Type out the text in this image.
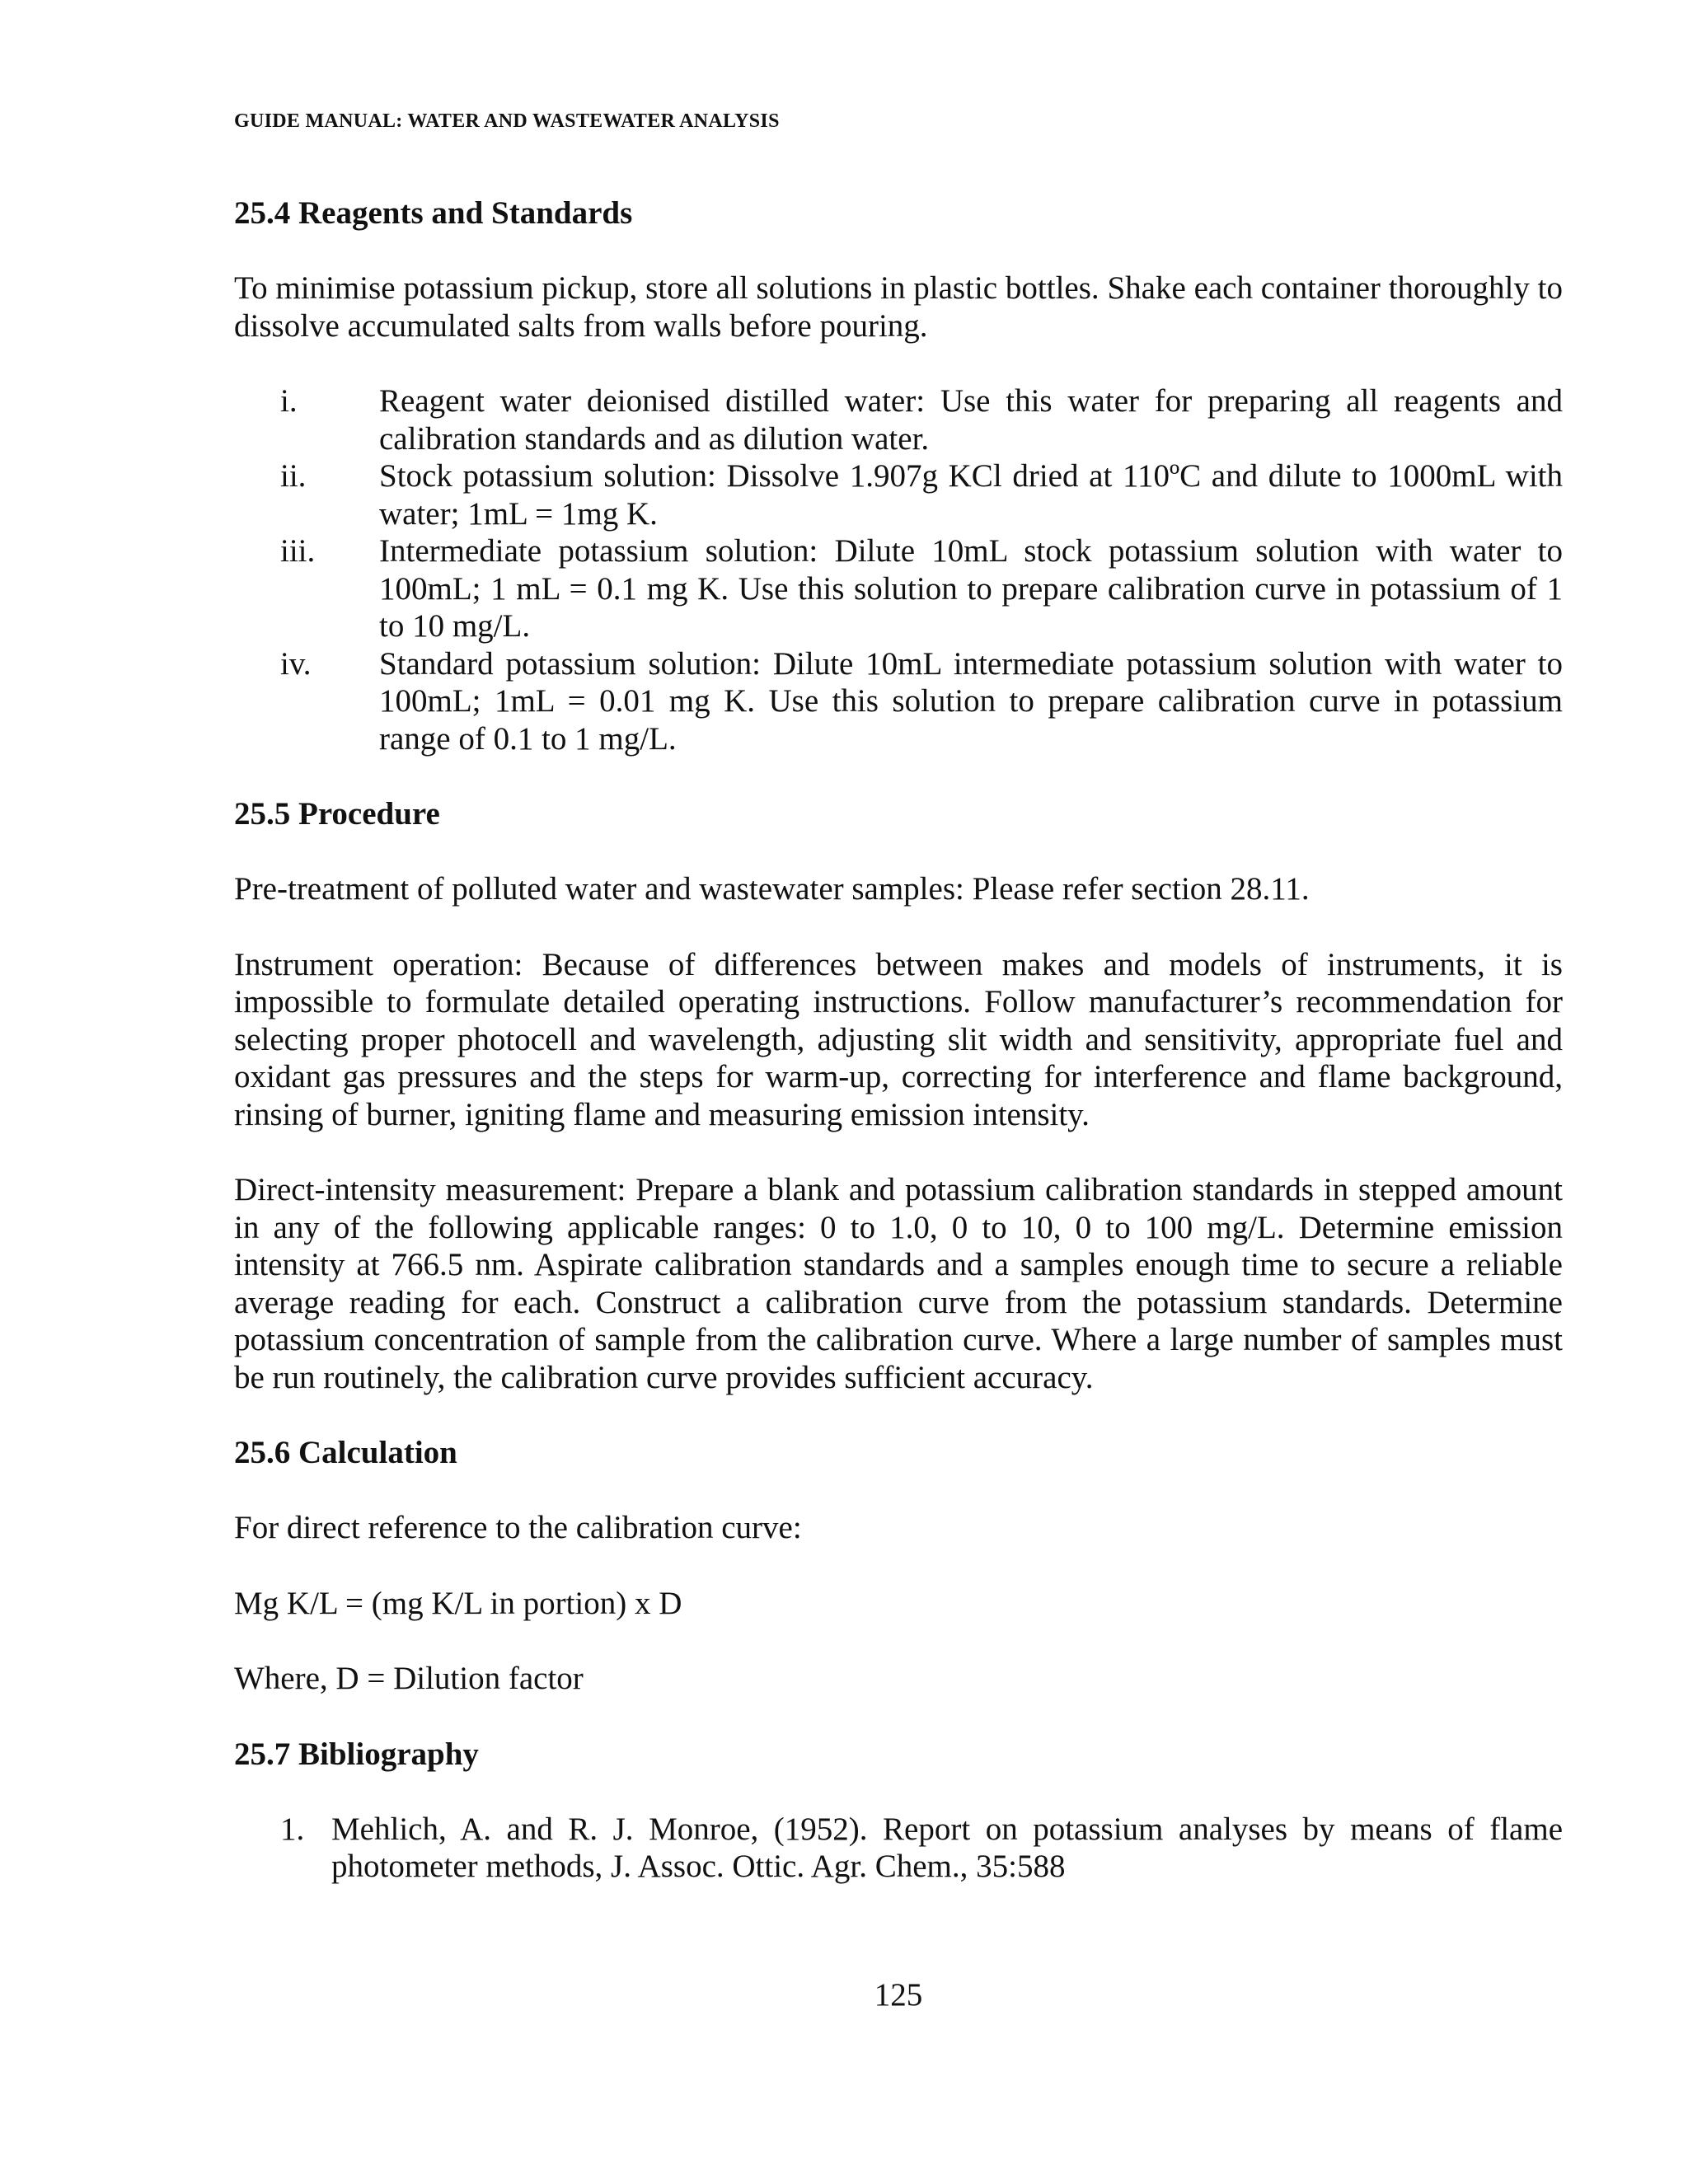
GUIDE MANUAL: WATER AND WASTEWATER ANALYSIS
25.4 Reagents and Standards

To minimise potassium pickup, store all solutions in plastic bottles. Shake each container thoroughly to dissolve accumulated salts from walls before pouring.

i.	Reagent water deionised distilled water: Use this water for preparing all reagents and calibration standards and as dilution water.
ii.	Stock potassium solution: Dissolve 1.907g KCl dried at 110ºC and dilute to 1000mL with water; 1mL = 1mg K.
iii.	Intermediate potassium solution: Dilute 10mL stock potassium solution with water to 100mL; 1 mL = 0.1 mg K. Use this solution to prepare calibration curve in potassium of 1 to 10 mg/L.
iv.	Standard potassium solution: Dilute 10mL intermediate potassium solution with water to 100mL; 1mL = 0.01 mg K. Use this solution to prepare calibration curve in potassium range of 0.1 to 1 mg/L.
25.5 Procedure

Pre-treatment of polluted water and wastewater samples: Please refer section 28.11.

Instrument operation: Because of differences between makes and models of instruments, it is impossible to formulate detailed operating instructions. Follow manufacturer’s recommendation for selecting proper photocell and wavelength, adjusting slit width and sensitivity, appropriate fuel and oxidant gas pressures and the steps for warm-up, correcting for interference and flame background, rinsing of burner, igniting flame and measuring emission intensity.

Direct-intensity measurement: Prepare a blank and potassium calibration standards in stepped amount in any of the following applicable ranges: 0 to 1.0, 0 to 10, 0 to 100 mg/L. Determine emission intensity at 766.5 nm. Aspirate calibration standards and a samples enough time to secure a reliable average reading for each. Construct a calibration curve from the potassium standards. Determine potassium concentration of sample from the calibration curve. Where a large number of samples must be run routinely, the calibration curve provides sufficient accuracy.

25.6 Calculation

For direct reference to the calibration curve:

Mg K/L = (mg K/L in portion) x D

Where, D = Dilution factor

25.7 Bibliography
1. Mehlich, A. and R. J. Monroe, (1952). Report on potassium analyses by means of flame photometer methods, J. Assoc. Ottic. Agr. Chem., 35:588
125
